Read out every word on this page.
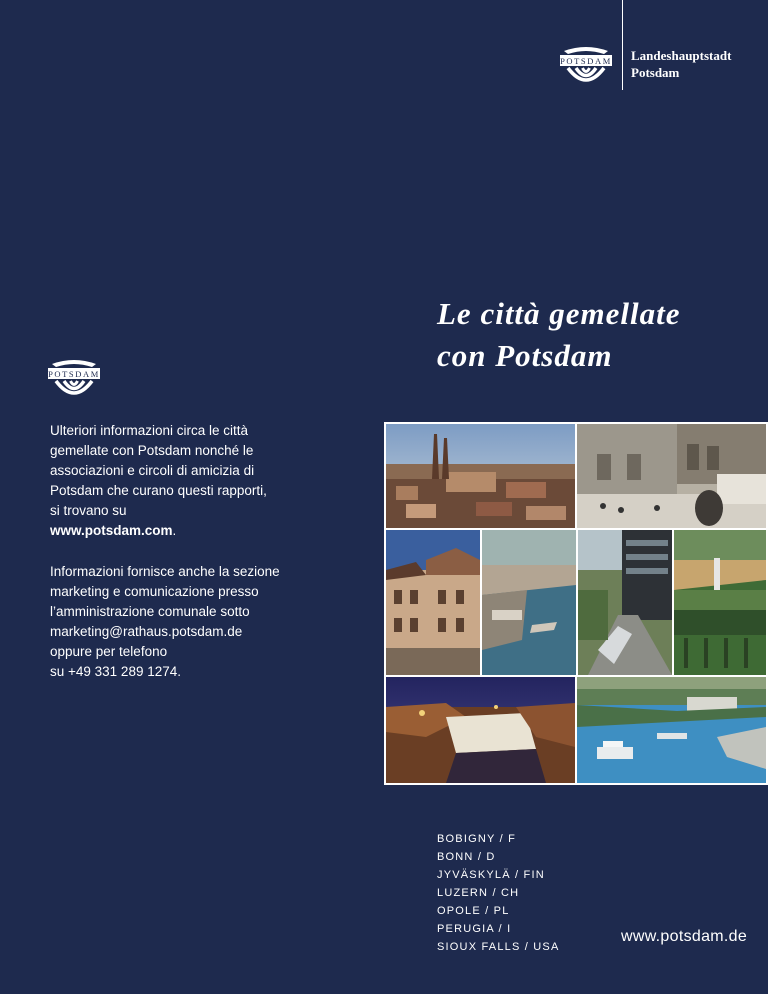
POTSDAM Landeshauptstadt
Potsdam
Le città gemellate
con Potsdam
POTSDAM

Ulteriori informazioni circa le città
gemellate con Potsdam nonché le
associazioni e circoli di amicizia di
Potsdam che curano questi rapporti,
si trovano su
www.potsdam.com.

Informazioni fornisce anche la sezione
marketing e comunicazione presso
l’amministrazione comunale sotto
marketing@rathaus.potsdam.de
oppure per telefono
su +49 331 289 1274.

BOBIGNY / F
BONN / D
JYVÄSKYLÄ / FIN
LUZERN / CH
OPOLE / PL
PERUGIA / I
SIOUX FALLS / USA
www.potsdam.de
